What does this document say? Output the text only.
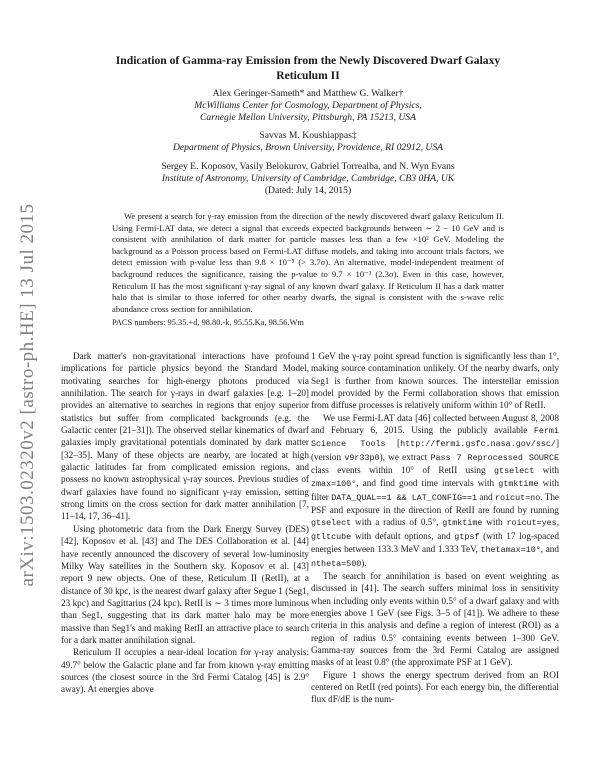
arXiv:1503.02320v2 [astro-ph.HE] 13 Jul 2015
Indication of Gamma-ray Emission from the Newly Discovered Dwarf Galaxy Reticulum II
Alex Geringer-Sameth* and Matthew G. Walker†
McWilliams Center for Cosmology, Department of Physics,
Carnegie Mellon University, Pittsburgh, PA 15213, USA
Savvas M. Koushiappas‡
Department of Physics, Brown University, Providence, RI 02912, USA
Sergey E. Koposov, Vasily Belokurov, Gabriel Torrealba, and N. Wyn Evans
Institute of Astronomy, University of Cambridge, Cambridge, CB3 0HA, UK
(Dated: July 14, 2015)

We present a search for γ-ray emission from the direction of the newly discovered dwarf galaxy Reticulum II. Using Fermi-LAT data, we detect a signal that exceeds expected backgrounds between ∼ 2 − 10 GeV and is consistent with annihilation of dark matter for particle masses less than a few ×10² GeV. Modeling the background as a Poisson process based on Fermi-LAT diffuse models, and taking into account trials factors, we detect emission with p-value less than 9.8 × 10⁻⁵ (> 3.7σ). An alternative, model-independent treatment of background reduces the significance, raising the p-value to 9.7 × 10⁻³ (2.3σ). Even in this case, however, Reticulum II has the most significant γ-ray signal of any known dwarf galaxy. If Reticulum II has a dark matter halo that is similar to those inferred for other nearby dwarfs, the signal is consistent with the s-wave relic abundance cross section for annihilation.

PACS numbers: 95.35.+d, 98.80.-k, 95.55.Ka, 98.56.Wm

Dark matter's non-gravitational interactions have profound implications for particle physics beyond the Standard Model, motivating searches for high-energy photons produced via annihilation. The search for γ-rays in dwarf galaxies [e.g. 1–20] provides an alternative to searches in regions that enjoy superior statistics but suffer from complicated backgrounds (e.g. the Galactic center [21–31]). The observed stellar kinematics of dwarf galaxies imply gravitational potentials dominated by dark matter [32–35]. Many of these objects are nearby, are located at high galactic latitudes far from complicated emission regions, and possess no known astrophysical γ-ray sources. Previous studies of dwarf galaxies have found no significant γ-ray emission, setting strong limits on the cross section for dark matter annihilation [7, 11–14, 17, 36–41].

Using photometric data from the Dark Energy Survey (DES) [42], Koposov et al. [43] and The DES Collaboration et al. [44] have recently announced the discovery of several low-luminosity Milky Way satellites in the Southern sky. Koposov et al. [43] report 9 new objects. One of these, Reticulum II (RetII), at a distance of 30 kpc, is the nearest dwarf galaxy after Segue 1 (Seg1, 23 kpc) and Sagittarius (24 kpc). RetII is ∼ 3 times more luminous than Seg1, suggesting that its dark matter halo may be more massive than Seg1's and making RetII an attractive place to search for a dark matter annihilation signal.

Reticulum II occupies a near-ideal location for γ-ray analysis: 49.7° below the Galactic plane and far from known γ-ray emitting sources (the closest source in the 3rd Fermi Catalog [45] is 2.9° away). At energies above

1 GeV the γ-ray point spread function is significantly less than 1°, making source contamination unlikely. Of the nearby dwarfs, only Seg1 is further from known sources. The interstellar emission model provided by the Fermi collaboration shows that emission from diffuse processes is relatively uniform within 10° of RetII.

We use Fermi-LAT data [46] collected between August 8, 2008 and February 6, 2015. Using the publicly available Fermi Science Tools [http://fermi.gsfc.nasa.gov/ssc/] (version v9r33p0), we extract Pass 7 Reprocessed SOURCE class events within 10° of RetII using gtselect with zmax=100°, and find good time intervals with gtmktime with filter DATA_QUAL==1 && LAT_CONFIG==1 and roicut=no. The PSF and exposure in the direction of RetII are found by running gtselect with a radius of 0.5°, gtmktime with roicut=yes, gtltcube with default options, and gtpsf (with 17 log-spaced energies between 133.3 MeV and 1.333 TeV, thetamax=10°, and ntheta=500).

The search for annihilation is based on event weighting as discussed in [41]. The search suffers minimal loss in sensitivity when including only events within 0.5° of a dwarf galaxy and with energies above 1 GeV (see Figs. 3–5 of [41]). We adhere to these criteria in this analysis and define a region of interest (ROI) as a region of radius 0.5° containing events between 1–300 GeV. Gamma-ray sources from the 3rd Fermi Catalog are assigned masks of at least 0.8° (the approximate PSF at 1 GeV).

Figure 1 shows the energy spectrum derived from an ROI centered on RetII (red points). For each energy bin, the differential flux dF/dE is the num-
